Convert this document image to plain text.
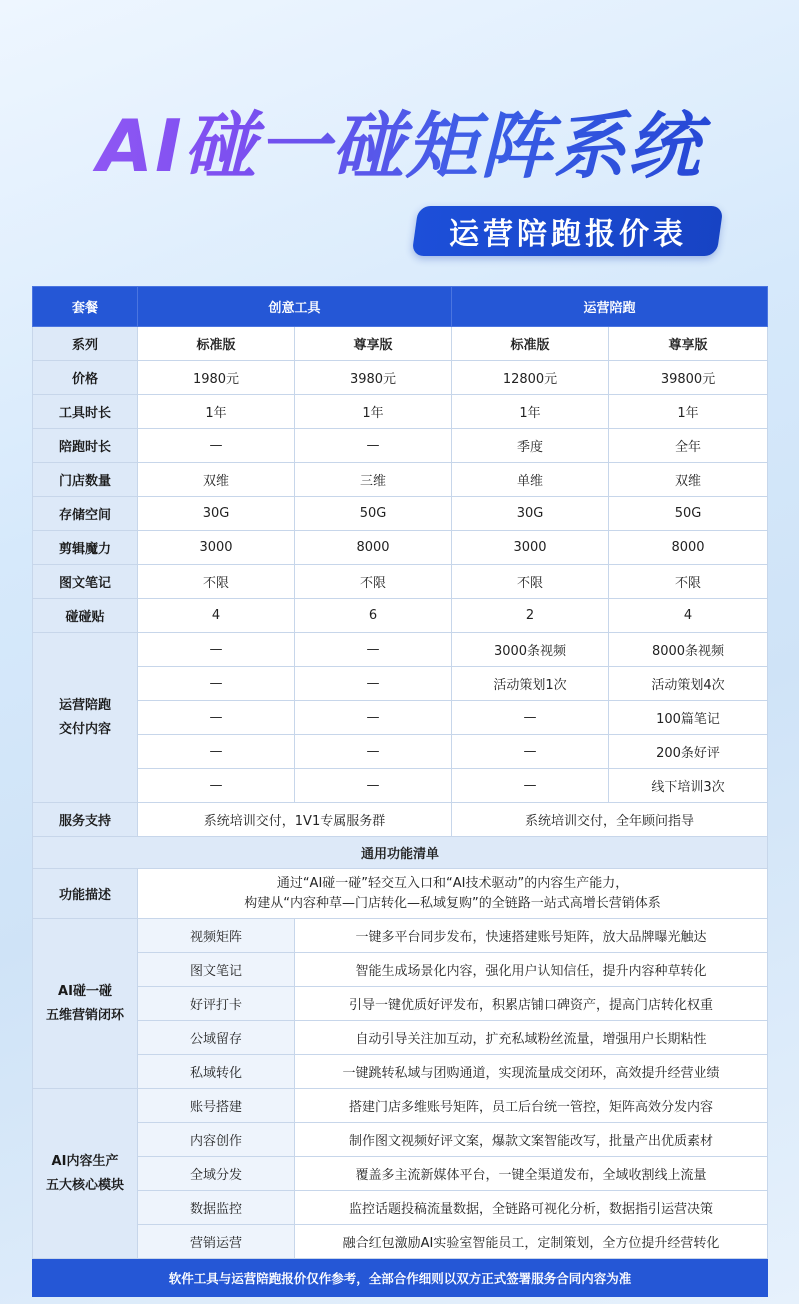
AI碰一碰矩阵系统
运营陪跑报价表
套餐	创意工具		运营陪跑	
系列	标准版	尊享版	标准版	尊享版
价格	1980元	3980元	12800元	39800元
工具时长	1年	1年	1年	1年
陪跑时长	—	—	季度	全年
门店数量	双维	三维	单维	双维
存储空间	30G	50G	30G	50G
剪辑魔力	3000	8000	3000	8000
图文笔记	不限	不限	不限	不限
碰碰贴	4	6	2	4

运营陪跑
交付内容	—	—	3000条视频	8000条视频
	—	—	活动策划1次	活动策划4次
	—	—	—	100篇笔记
	—	—	—	200条好评
	—	—	—	线下培训3次
服务支持	系统培训交付，1V1专属服务群		系统培训交付，全年顾问指导	
通用功能清单				
功能描述	通过“AI碰一碰”轻交互入口和“AI技术驱动”的内容生产能力，
构建从“内容种草—门店转化—私域复购”的全链路一站式高增长营销体系			

AI碰一碰
五维营销闭环	视频矩阵	一键多平台同步发布，快速搭建账号矩阵，放大品牌曝光触达		
	图文笔记	智能生成场景化内容，强化用户认知信任，提升内容种草转化		
	好评打卡	引导一键优质好评发布，积累店铺口碑资产，提高门店转化权重		
	公域留存	自动引导关注加互动，扩充私域粉丝流量，增强用户长期粘性		
	私域转化	一键跳转私域与团购通道，实现流量成交闭环，高效提升经营业绩		

AI内容生产
五大核心模块	账号搭建	搭建门店多维账号矩阵，员工后台统一管控，矩阵高效分发内容		
	内容创作	制作图文视频好评文案，爆款文案智能改写，批量产出优质素材		
	全域分发	覆盖多主流新媒体平台，一键全渠道发布，全域收割线上流量		
	数据监控	监控话题投稿流量数据，全链路可视化分析，数据指引运营决策		
	营销运营	融合红包激励AI实验室智能员工，定制策划，全方位提升经营转化		
软件工具与运营陪跑报价仅作参考，全部合作细则以双方正式签署服务合同内容为准				
